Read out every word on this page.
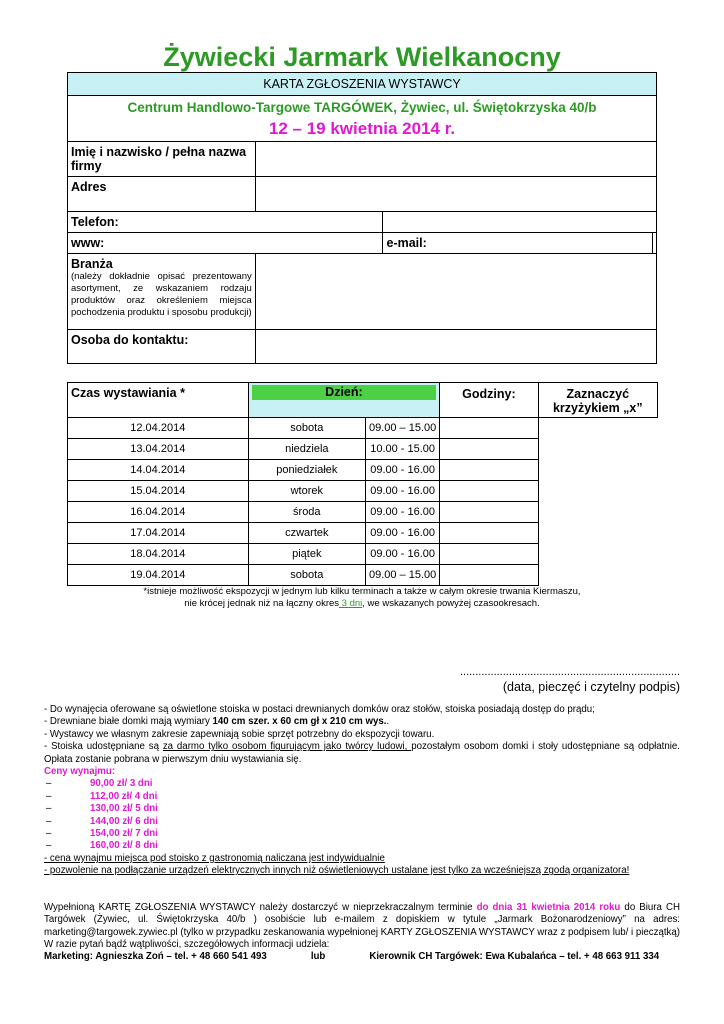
Żywiecki Jarmark Wielkanocny
KARTA ZGŁOSZENIA WYSTAWCY			

Centrum Handlowo-Targowe TARGÓWEK, Żywiec, ul. Świętokrzyska 40/b
12 – 19 kwietnia 2014 r.			

Imię i nazwisko / pełna nazwa firmy			
Adres			
Telefon:			
www:		e-mail:	

Branża
(należy dokładnie opisać prezentowany asortyment, ze wskazaniem rodzaju produktów oraz określeniem miejsca pochodzenia produktu i sposobu produkcji)			

Osoba do kontaktu:			
Czas wystawiania *	Dzień:		Godziny:	Zaznaczyć krzyżykiem „x”
12.04.2014	sobota	09.00 – 15.00		
13.04.2014	niedziela	10.00 - 15.00		
14.04.2014	poniedziałek	09.00 - 16.00		
15.04.2014	wtorek	09.00 - 16.00		
16.04.2014	środa	09.00 - 16.00		
17.04.2014	czwartek	09.00 - 16.00		
18.04.2014	piątek	09.00 - 16.00		
19.04.2014	sobota	09.00 – 15.00		
*istnieje możliwość ekspozycji w jednym lub kilku terminach a także w całym okresie trwania Kiermaszu,
nie krócej jednak niż na łączny okres 3 dni, we wskazanych powyżej czasookresach.
........................................................................
(data, pieczęć i czytelny podpis)

- Do wynajęcia oferowane są oświetlone stoiska w postaci drewnianych domków oraz stołów, stoiska posiadają dostęp do prądu;

- Drewniane białe domki mają wymiary 140 cm szer. x 60 cm gł x 210 cm wys..

- Wystawcy we własnym zakresie zapewniają sobie sprzęt potrzebny do ekspozycji towaru.

- Stoiska udostępniane są za darmo tylko osobom figurującym jako twórcy ludowi, pozostałym osobom domki i stoły udostępniane są odpłatnie. Opłata zostanie pobrana w pierwszym dniu wystawiania się.

Ceny wynajmu:

–	90,00 zł/ 3 dni
–	112,00 zł/ 4 dni
–	130,00 zł/ 5 dni
–	144,00 zł/ 6 dni
–	154,00 zł/ 7 dni
–	160,00 zł/ 8 dni

- cena wynajmu miejsca pod stoisko z gastronomią naliczana jest indywidualnie

- pozwolenie na podłączanie urządzeń elektrycznych innych niż oświetleniowych ustalane jest tylko za wcześniejszą zgodą organizatora!

Wypełnioną KARTĘ ZGŁOSZENIA WYSTAWCY należy dostarczyć w nieprzekraczalnym terminie do dnia 31 kwietnia 2014 roku do Biura CH Targówek (Żywiec, ul. Świętokrzyska 40/b ) osobiście lub e-mailem z dopiskiem w tytule „Jarmark Bożonarodzeniowy” na adres: marketing@targowek.zywiec.pl (tylko w przypadku zeskanowania wypełnionej KARTY ZGŁOSZENIA WYSTAWCY wraz z podpisem lub/ i pieczątką)

W razie pytań bądź wątpliwości, szczegółowych informacji udziela:

Marketing: Agnieszka Zoń – tel. + 48 660 541 493	lub	Kierownik CH Targówek: Ewa Kubalańca – tel. + 48 663 911 334
